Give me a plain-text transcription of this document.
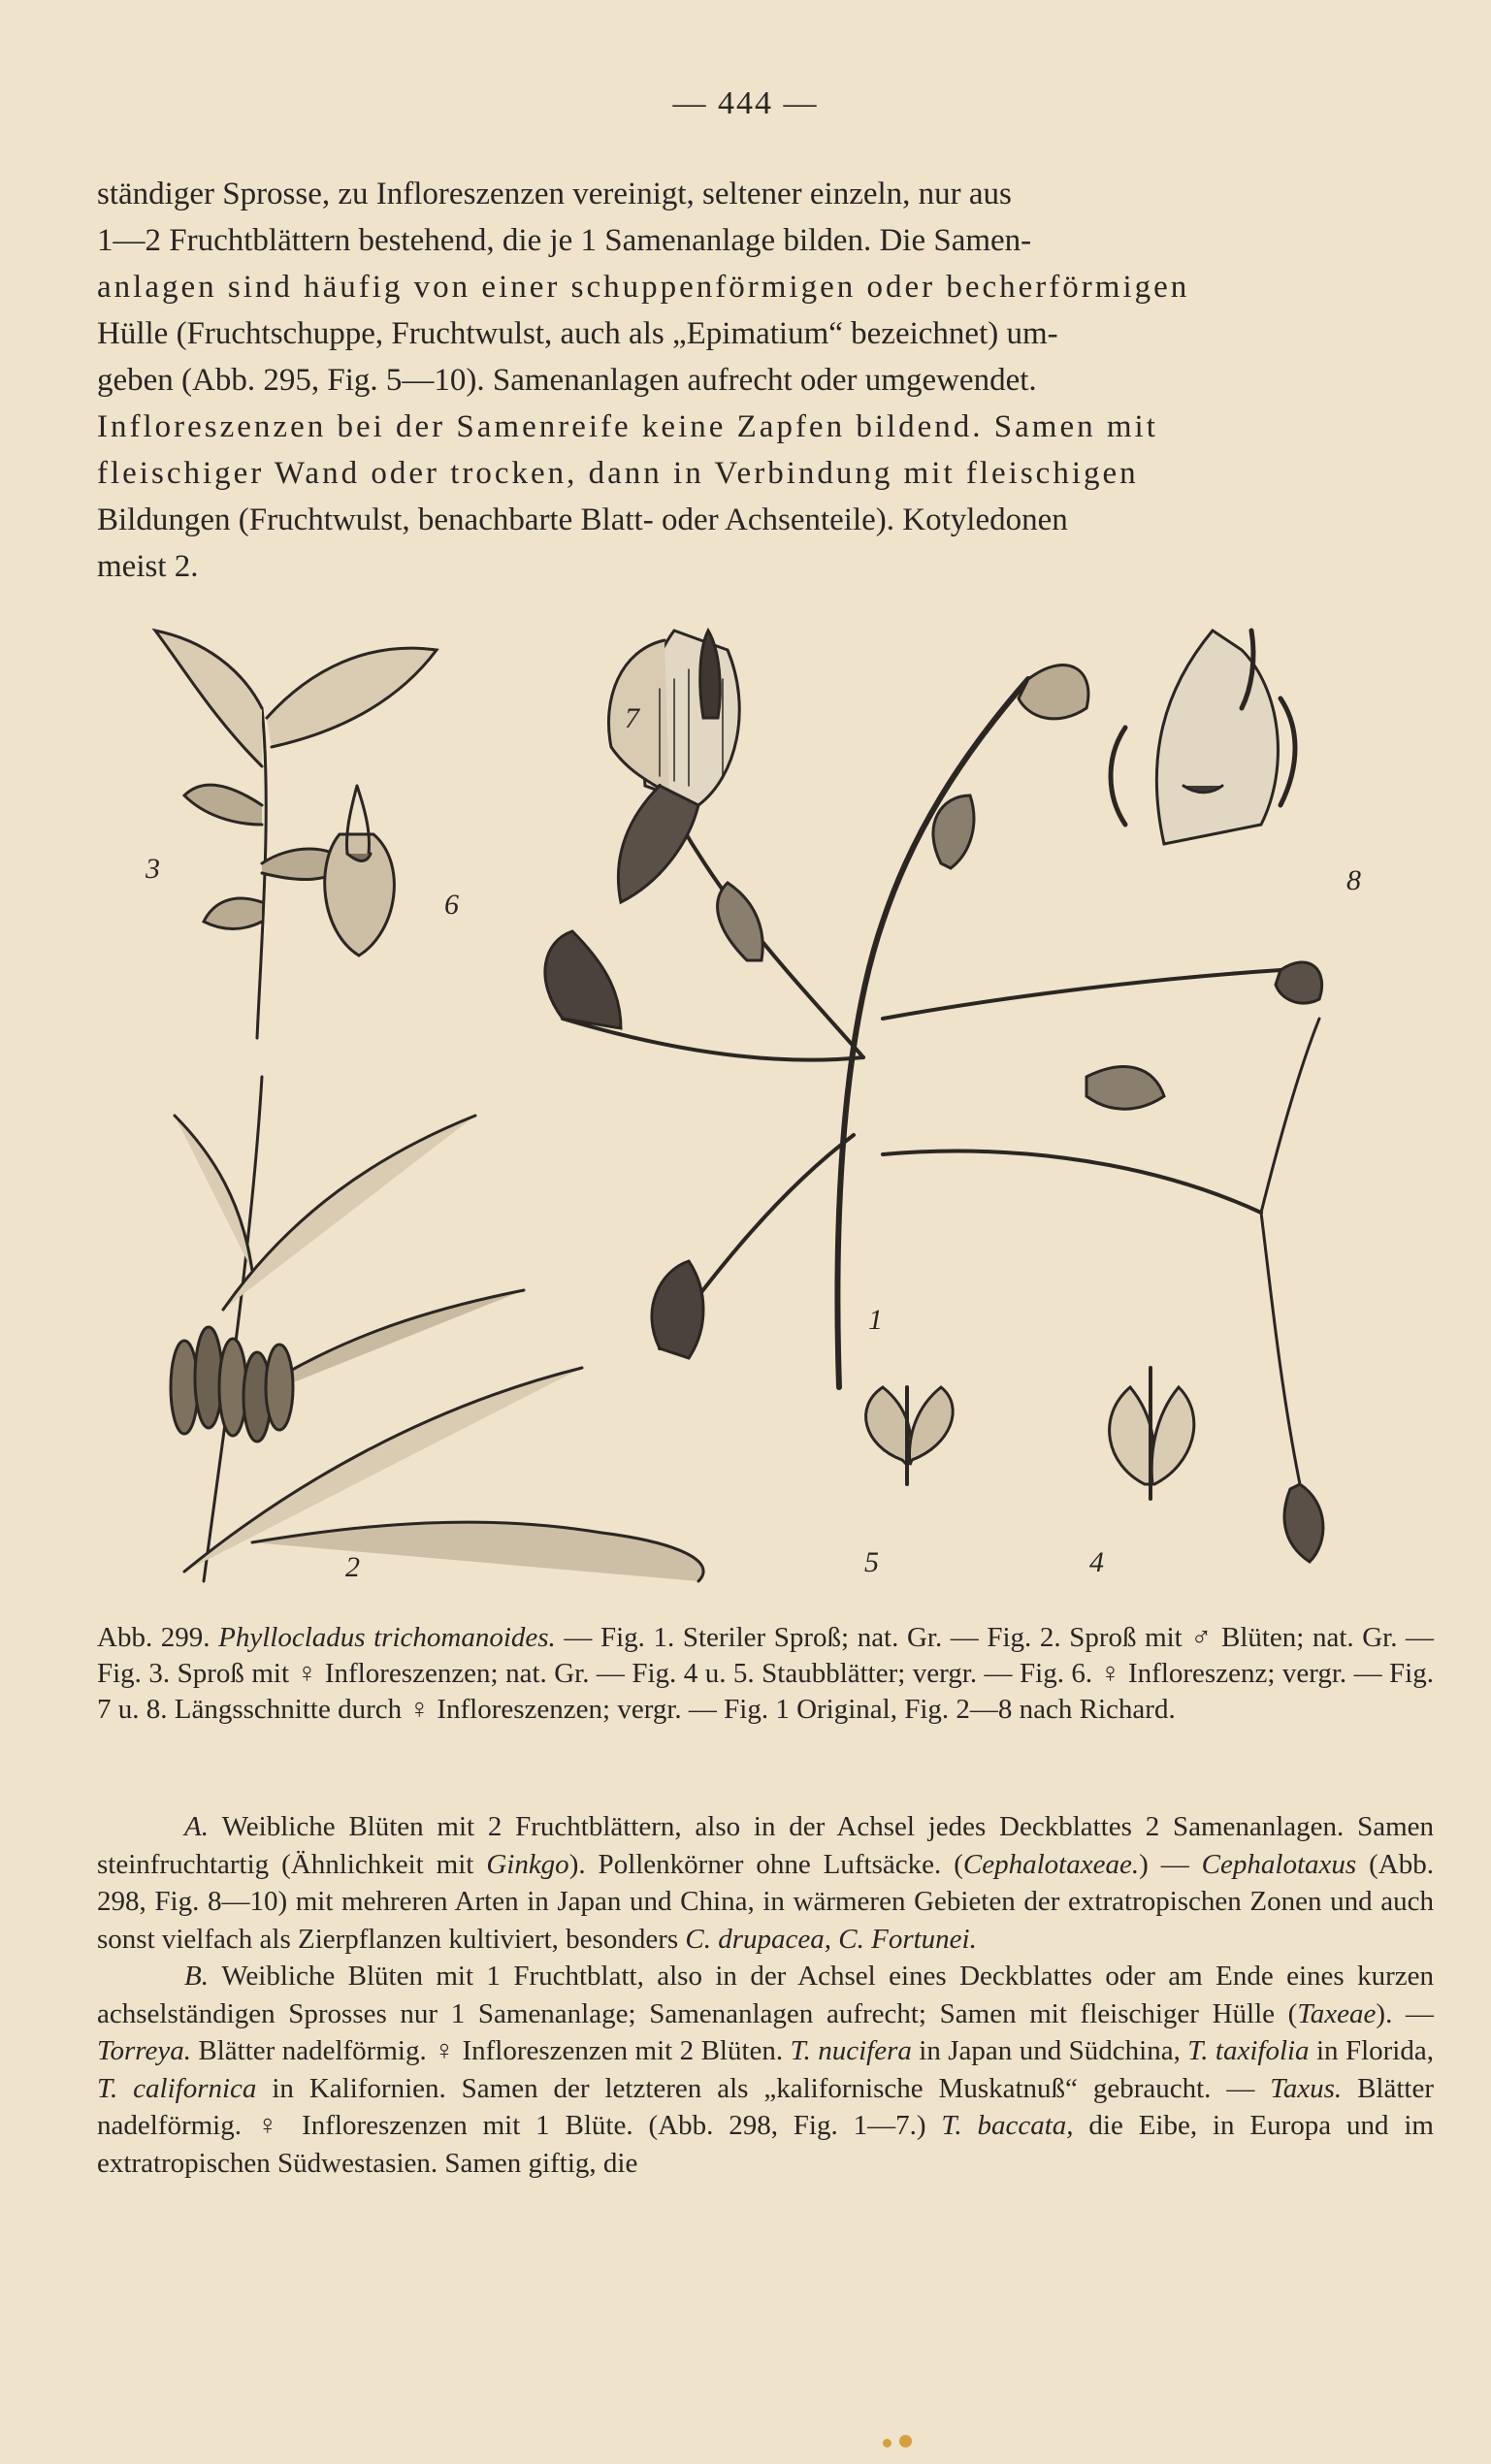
— 444 —

ständiger Sprosse, zu Infloreszenzen vereinigt, seltener einzeln, nur aus

1—2 Fruchtblättern bestehend, die je 1 Samenanlage bilden. Die Samen-

anlagen sind häufig von einer schuppenförmigen oder becherförmigen

Hülle (Fruchtschuppe, Fruchtwulst, auch als „Epimatium“ bezeichnet) um-

geben (Abb. 295, Fig. 5—10). Samenanlagen aufrecht oder umgewendet.

Infloreszenzen bei der Samenreife keine Zapfen bildend. Samen mit

fleischiger Wand oder trocken, dann in Verbindung mit fleischigen

Bildungen (Fruchtwulst, benachbarte Blatt- oder Achsenteile). Kotyledonen

meist 2.

1
2
3
4
5
6
7
8
Abb. 299. Phyllocladus trichomanoides. — Fig. 1. Steriler Sproß; nat. Gr. — Fig. 2. Sproß mit ♂ Blüten; nat. Gr. — Fig. 3. Sproß mit ♀ Infloreszenzen; nat. Gr. — Fig. 4 u. 5. Staubblätter; vergr. — Fig. 6. ♀ Infloreszenz; vergr. — Fig. 7 u. 8. Längsschnitte durch ♀ Infloreszenzen; vergr. — Fig. 1 Original, Fig. 2—8 nach Richard.

A. Weibliche Blüten mit 2 Fruchtblättern, also in der Achsel jedes Deckblattes 2 Samenanlagen. Samen steinfruchtartig (Ähnlichkeit mit Ginkgo). Pollenkörner ohne Luftsäcke. (Cephalotaxeae.) — Cephalotaxus (Abb. 298, Fig. 8—10) mit mehreren Arten in Japan und China, in wärmeren Gebieten der extratropischen Zonen und auch sonst vielfach als Zierpflanzen kultiviert, besonders C. drupacea, C. Fortunei.

B. Weibliche Blüten mit 1 Fruchtblatt, also in der Achsel eines Deckblattes oder am Ende eines kurzen achselständigen Sprosses nur 1 Samenanlage; Samenanlagen aufrecht; Samen mit fleischiger Hülle (Taxeae). — Torreya. Blätter nadelförmig. ♀ Infloreszenzen mit 2 Blüten. T. nucifera in Japan und Südchina, T. taxifolia in Florida, T. californica in Kalifornien. Samen der letzteren als „kalifornische Muskatnuß“ gebraucht. — Taxus. Blätter nadelförmig. ♀ Infloreszenzen mit 1 Blüte. (Abb. 298, Fig. 1—7.) T. baccata, die Eibe, in Europa und im extratropischen Südwestasien. Samen giftig, die
